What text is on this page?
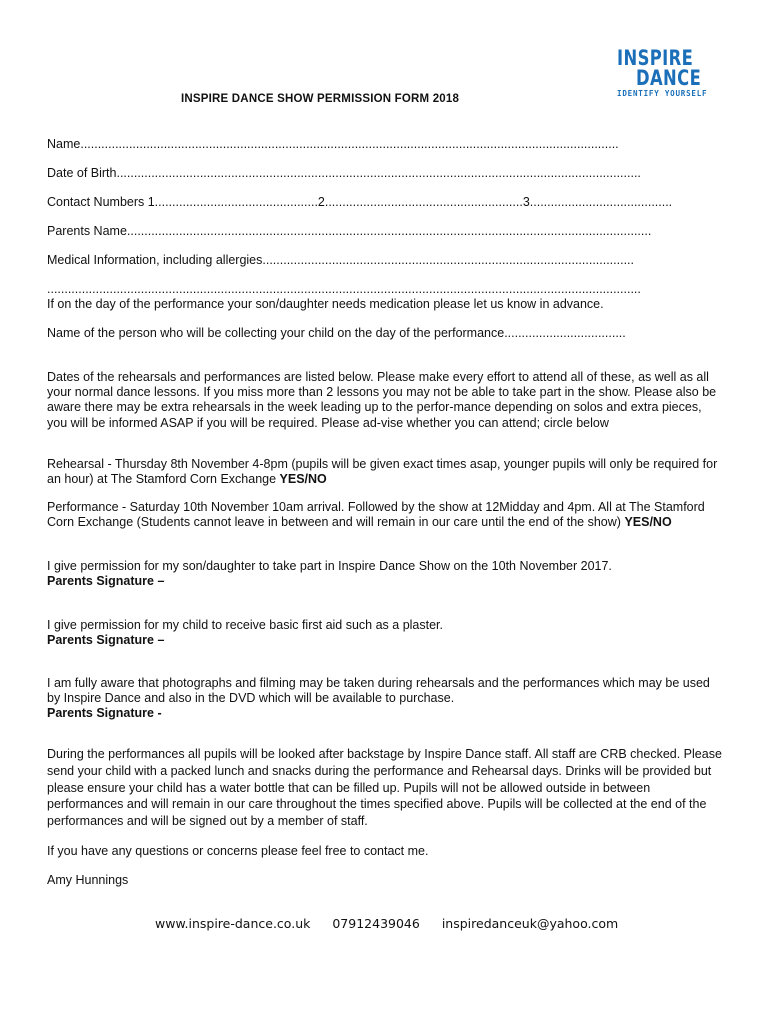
INSPIRE
DANCE
IDENTIFY YOURSELF
INSPIRE DANCE SHOW PERMISSION FORM 2018
Name...........................................................................................................................................................
Date of Birth.......................................................................................................................................................
Contact Numbers 1...............................................2.........................................................3.........................................
Parents Name.......................................................................................................................................................
Medical Information, including allergies...........................................................................................................
...........................................................................................................................................................................
If on the day of the performance your son/daughter needs medication please let us know in advance.
Name of the person who will be collecting your child on the day of the performance...................................
Dates of the rehearsals and performances are listed below. Please make every effort to attend all of these, as well as all your normal dance lessons. If you miss more than 2 lessons you may not be able to take part in the show. Please also be aware there may be extra rehearsals in the week leading up to the perfor-mance depending on solos and extra pieces, you will be informed ASAP if you will be required. Please ad-vise whether you can attend; circle below
Rehearsal - Thursday 8th November 4-8pm (pupils will be given exact times asap, younger pupils will only be required for an hour) at The Stamford Corn Exchange YES/NO
Performance - Saturday 10th November 10am arrival. Followed by the show at 12Midday and 4pm. All at The Stamford Corn Exchange (Students cannot leave in between and will remain in our care until the end of the show) YES/NO
I give permission for my son/daughter to take part in Inspire Dance Show on the 10th November 2017.
Parents Signature –
I give permission for my child to receive basic first aid such as a plaster.
Parents Signature –
I am fully aware that photographs and filming may be taken during rehearsals and the performances which may be used by Inspire Dance and also in the DVD which will be available to purchase.
Parents Signature -
During the performances all pupils will be looked after backstage by Inspire Dance staff. All staff are CRB checked. Please send your child with a packed lunch and snacks during the performance and Rehearsal days. Drinks will be provided but please ensure your child has a water bottle that can be filled up. Pupils will not be allowed outside in between performances and will remain in our care throughout the times specified above. Pupils will be collected at the end of the performances and will be signed out by a member of staff.
If you have any questions or concerns please feel free to contact me.
Amy Hunnings
www.inspire-dance.co.uk 07912439046 inspiredanceuk@yahoo.com
